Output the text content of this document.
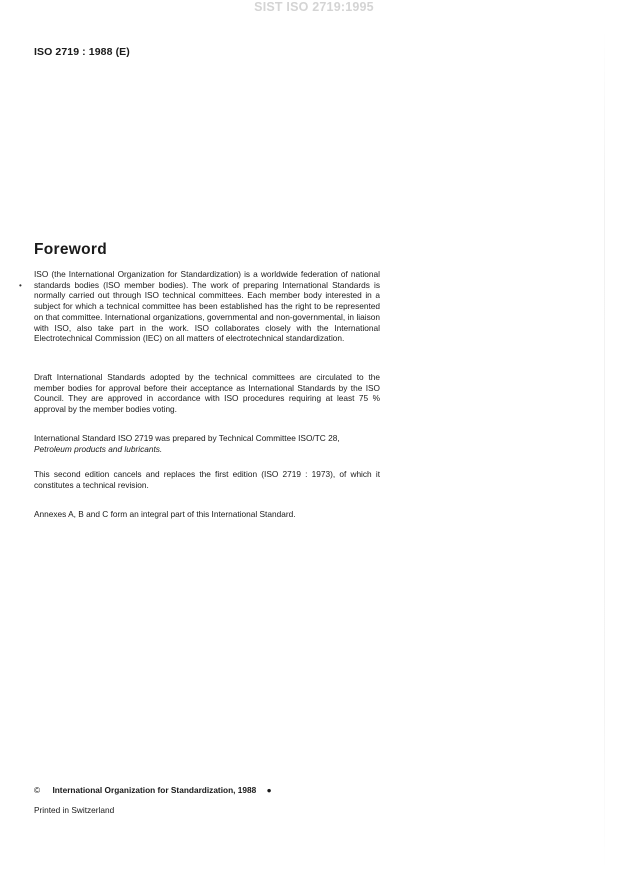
SIST ISO 2719:1995
ISO 2719 : 1988 (E)
Foreword
•

ISO (the International Organization for Standardization) is a worldwide federation of national standards bodies (ISO member bodies). The work of preparing International Standards is normally carried out through ISO technical committees. Each member body interested in a subject for which a technical committee has been established has the right to be represented on that committee. International organizations, governmental and non-governmental, in liaison with ISO, also take part in the work. ISO collaborates closely with the International Electrotechnical Commission (IEC) on all matters of electrotechnical standardization.

Draft International Standards adopted by the technical committees are circulated to the member bodies for approval before their acceptance as International Standards by the ISO Council. They are approved in accordance with ISO procedures requiring at least 75 % approval by the member bodies voting.

International Standard ISO 2719 was prepared by Technical Committee ISO/TC 28,
Petroleum products and lubricants.

This second edition cancels and replaces the first edition (ISO 2719 : 1973), of which it constitutes a technical revision.

Annexes A, B and C form an integral part of this International Standard.

© International Organization for Standardization, 1988 ●
Printed in Switzerland
